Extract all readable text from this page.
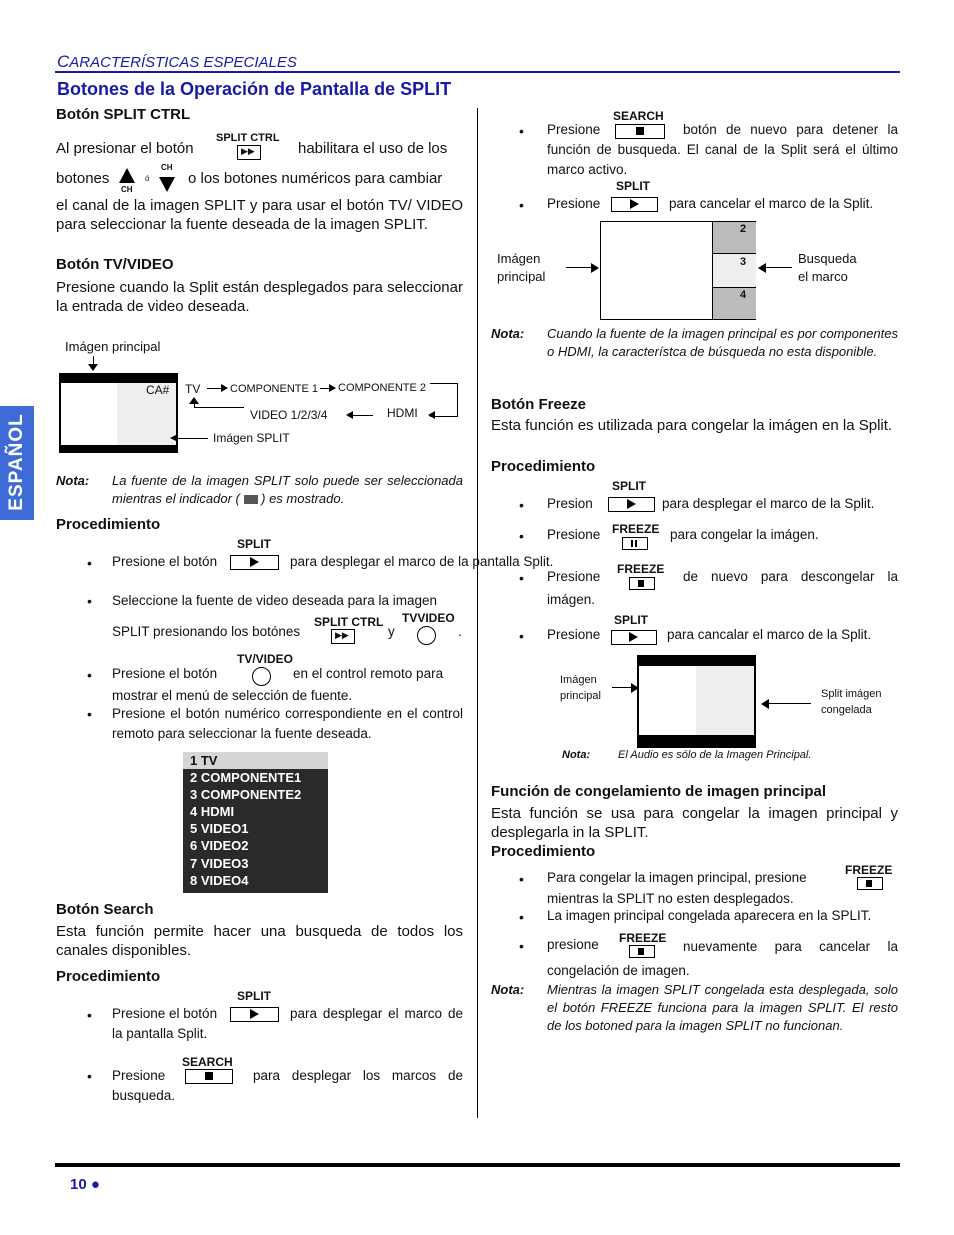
CARACTERÍSTICAS ESPECIALES
Botones de la Operación de Pantalla de SPLIT
ESPAÑOL
Botón SPLIT CTRL
Al presionar el botón
SPLIT CTRL
▶▶	habilitara el uso de los
botones
CH
ó
CH
o los botones numéricos para cambiar
el canal de la imagen SPLIT y para usar el botón TV/ VIDEO para seleccionar la fuente deseada de la imagen SPLIT.
Botón TV/VIDEO
Presione cuando la Split están desplegados para seleccionar la entrada de video deseada.
Imágen principal
CA# TV	COMPONENTE 1 COMPONENTE 2
HDMI
VIDEO 1/2/3/4
Imágen SPLIT
Nota: La fuente de la imagen SPLIT solo puede ser seleccionada mientras el indicador ( ) es mostrado.
Procedimiento
•
SPLIT
Presione el botón	para desplegar el marco de la pantalla Split.
• Seleccione la fuente de video deseada para la imagen
SPLIT presionando los botónes
SPLIT CTRL
▶▶	y
TVVIDEO
.
•
TV/VIDEO
Presione el botón	en el control remoto para
mostrar el menú de selección de fuente.
• Presione el botón numérico correspondiente en el control remoto para seleccionar la fuente deseada.
1 TV
2 COMPONENTE1
3 COMPONENTE2
4 HDMI
5 VIDEO1
6 VIDEO2
7 VIDEO3
8 VIDEO4
Botón Search
Esta función permite hacer una busqueda de todos los canales disponibles.
Procedimiento
•
SPLIT
Presione el botón	para desplegar el marco de la pantalla Split.
•
SEARCH
Presione	para desplegar los marcos de busqueda.
SEARCH
•	botón de nuevo para detener la función de busqueda. El canal de la Split será el último marco activo.
Presione
SPLIT
• Presione	para cancelar el marco de la Split.
2
3
4
Imágen principal
Busqueda el marco
Nota: Cuando la fuente de la imagen principal es por componentes o HDMI, la característca de búsqueda no esta disponible.
Botón Freeze
Esta función es utilizada para congelar la imágen en la Split.
Procedimiento
SPLIT
• Presion	para desplegar el marco de la Split.
FREEZE
• Presione	para congelar la imágen.
FREEZE
• Presione	de nuevo para descongelar la
imágen.
SPLIT
• Presione	para cancalar el marco de la Split.
Imágen principal	Split imágen congelada
Nota:	El Audio es sólo de la Imagen Principal.
Función de congelamiento de imagen principal
Esta función se usa para congelar la imagen principal y desplegarla in la SPLIT.
Procedimiento
FREEZE
• Para congelar la imagen principal, presione
mientras la SPLIT no esten desplegados.
• La imagen principal congelada aparecera en la SPLIT.
FREEZE
• presione	nuevamente para cancelar la congelación de imagen.
Nota: Mientras la imagen SPLIT congelada esta desplegada, solo el botón FREEZE funciona para la imagen SPLIT. El resto de los botoned para la imagen SPLIT no funcionan.
10 ●
